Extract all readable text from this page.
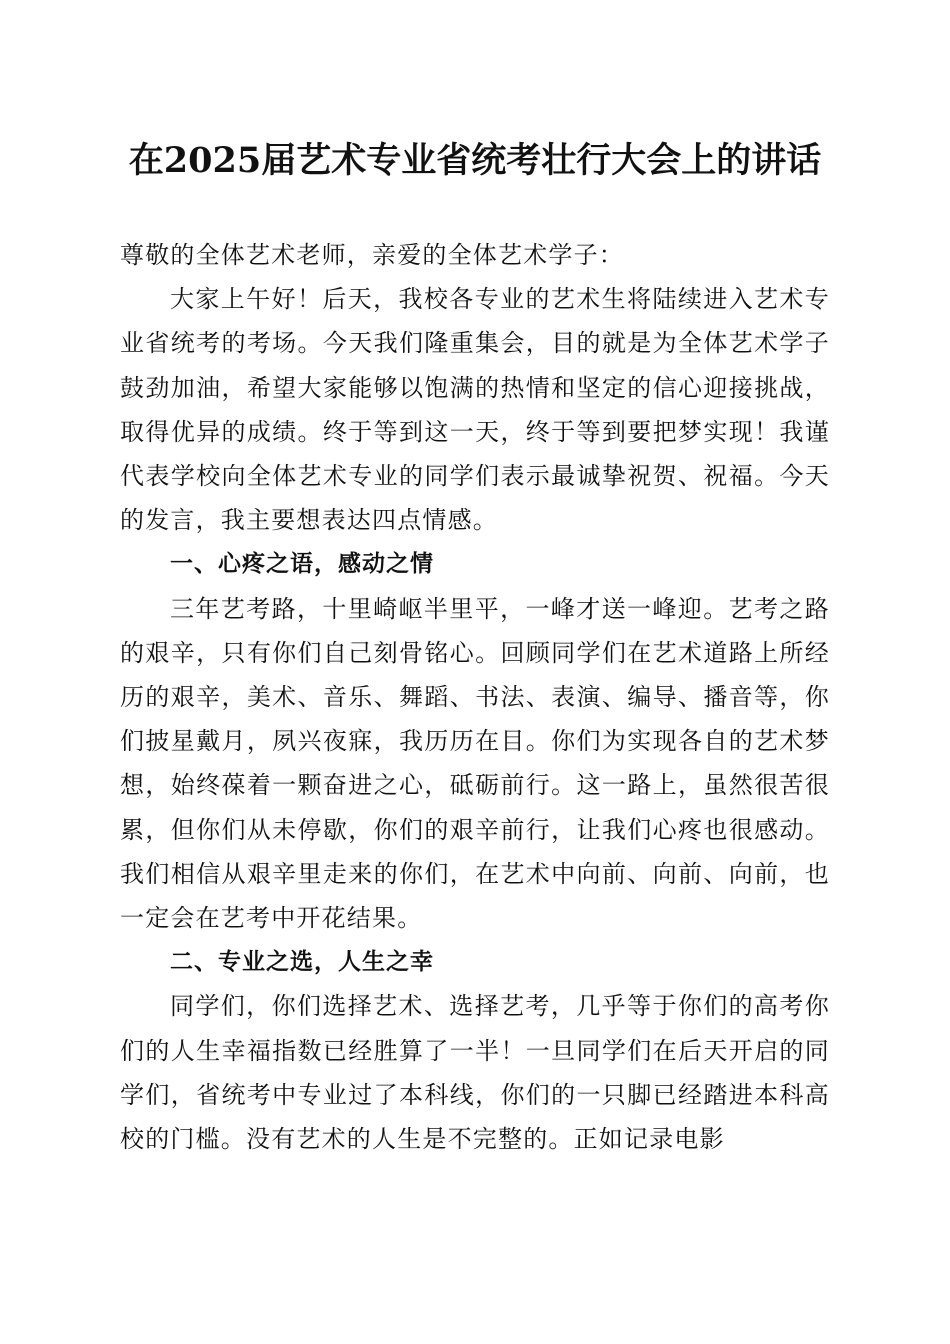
在2025届艺术专业省统考壮行大会上的讲话

尊敬的全体艺术老师，亲爱的全体艺术学子：

大家上午好！后天，我校各专业的艺术生将陆续进入艺术专业省统考的考场。今天我们隆重集会，目的就是为全体艺术学子鼓劲加油，希望大家能够以饱满的热情和坚定的信心迎接挑战，取得优异的成绩。终于等到这一天，终于等到要把梦实现！我谨代表学校向全体艺术专业的同学们表示最诚挚祝贺、祝福。今天的发言，我主要想表达四点情感。

一、心疼之语，感动之情

三年艺考路，十里崎岖半里平，一峰才送一峰迎。艺考之路的艰辛，只有你们自己刻骨铭心。回顾同学们在艺术道路上所经历的艰辛，美术、音乐、舞蹈、书法、表演、编导、播音等，你们披星戴月，夙兴夜寐，我历历在目。你们为实现各自的艺术梦想，始终葆着一颗奋进之心，砥砺前行。这一路上，虽然很苦很累，但你们从未停歇，你们的艰辛前行，让我们心疼也很感动。我们相信从艰辛里走来的你们，在艺术中向前、向前、向前，也一定会在艺考中开花结果。

二、专业之选，人生之幸

同学们，你们选择艺术、选择艺考，几乎等于你们的高考你们的人生幸福指数已经胜算了一半！一旦同学们在后天开启的同学们，省统考中专业过了本科线，你们的一只脚已经踏进本科高校的门槛。没有艺术的人生是不完整的。正如记录电影
